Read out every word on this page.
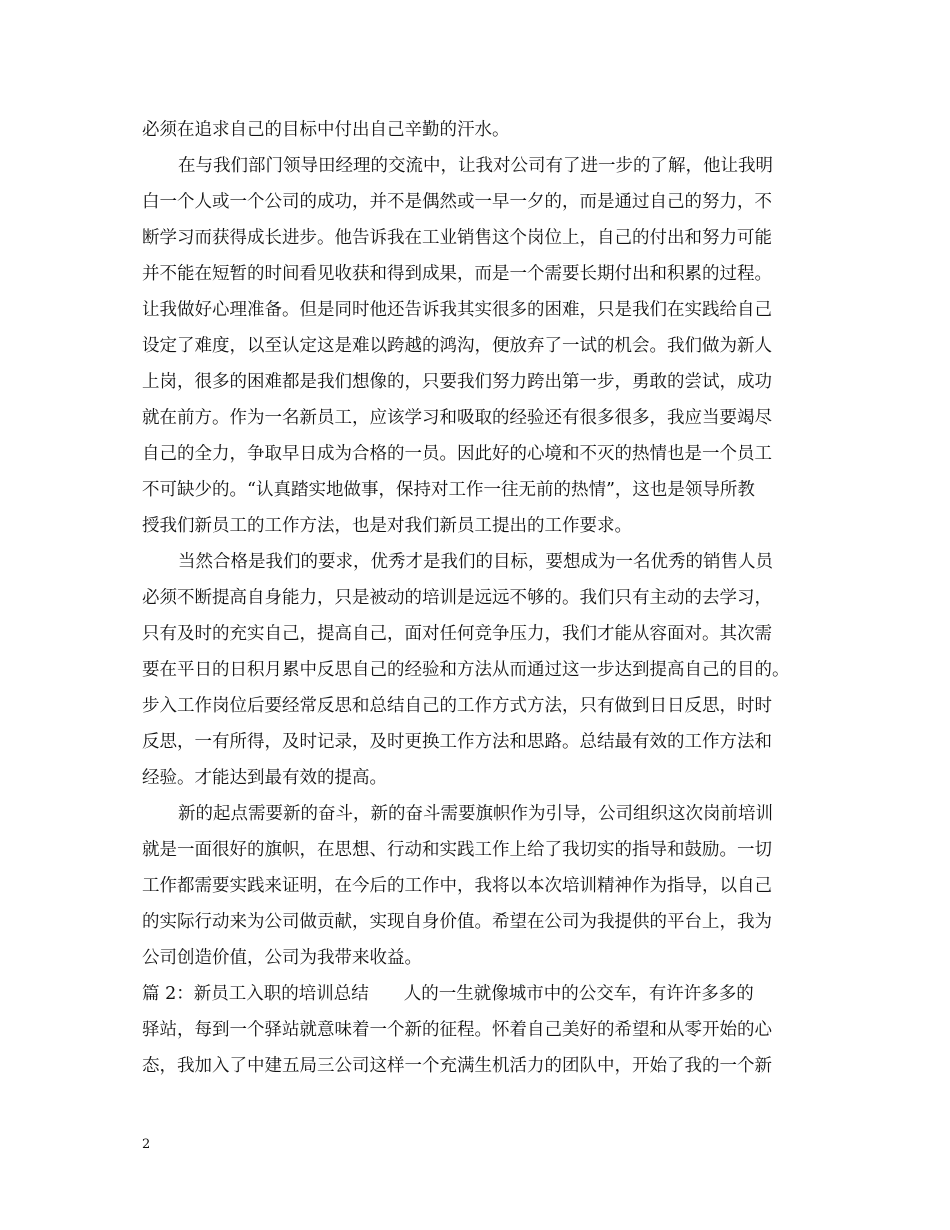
必须在追求自己的目标中付出自己辛勤的汗水。
在与我们部门领导田经理的交流中，让我对公司有了进一步的了解，他让我明
白一个人或一个公司的成功，并不是偶然或一早一夕的，而是通过自己的努力，不
断学习而获得成长进步。他告诉我在工业销售这个岗位上，自己的付出和努力可能
并不能在短暂的时间看见收获和得到成果，而是一个需要长期付出和积累的过程。
让我做好心理准备。但是同时他还告诉我其实很多的困难，只是我们在实践给自己
设定了难度，以至认定这是难以跨越的鸿沟，便放弃了一试的机会。我们做为新人
上岗，很多的困难都是我们想像的，只要我们努力跨出第一步，勇敢的尝试，成功
就在前方。作为一名新员工，应该学习和吸取的经验还有很多很多，我应当要竭尽
自己的全力，争取早日成为合格的一员。因此好的心境和不灭的热情也是一个员工
不可缺少的。“认真踏实地做事，保持对工作一往无前的热情”，这也是领导所教
授我们新员工的工作方法，也是对我们新员工提出的工作要求。
当然合格是我们的要求，优秀才是我们的目标，要想成为一名优秀的销售人员
必须不断提高自身能力，只是被动的培训是远远不够的。我们只有主动的去学习，
只有及时的充实自己，提高自己，面对任何竞争压力，我们才能从容面对。其次需
要在平日的日积月累中反思自己的经验和方法从而通过这一步达到提高自己的目的。
步入工作岗位后要经常反思和总结自己的工作方式方法，只有做到日日反思，时时
反思，一有所得，及时记录，及时更换工作方法和思路。总结最有效的工作方法和
经验。才能达到最有效的提高。
新的起点需要新的奋斗，新的奋斗需要旗帜作为引导，公司组织这次岗前培训
就是一面很好的旗帜，在思想、行动和实践工作上给了我切实的指导和鼓励。一切
工作都需要实践来证明，在今后的工作中，我将以本次培训精神作为指导，以自己
的实际行动来为公司做贡献，实现自身价值。希望在公司为我提供的平台上，我为
公司创造价值，公司为我带来收益。
篇 2：新员工入职的培训总结　　人的一生就像城市中的公交车，有许许多多的
驿站，每到一个驿站就意味着一个新的征程。怀着自己美好的希望和从零开始的心
态，我加入了中建五局三公司这样一个充满生机活力的团队中，开始了我的一个新
2
